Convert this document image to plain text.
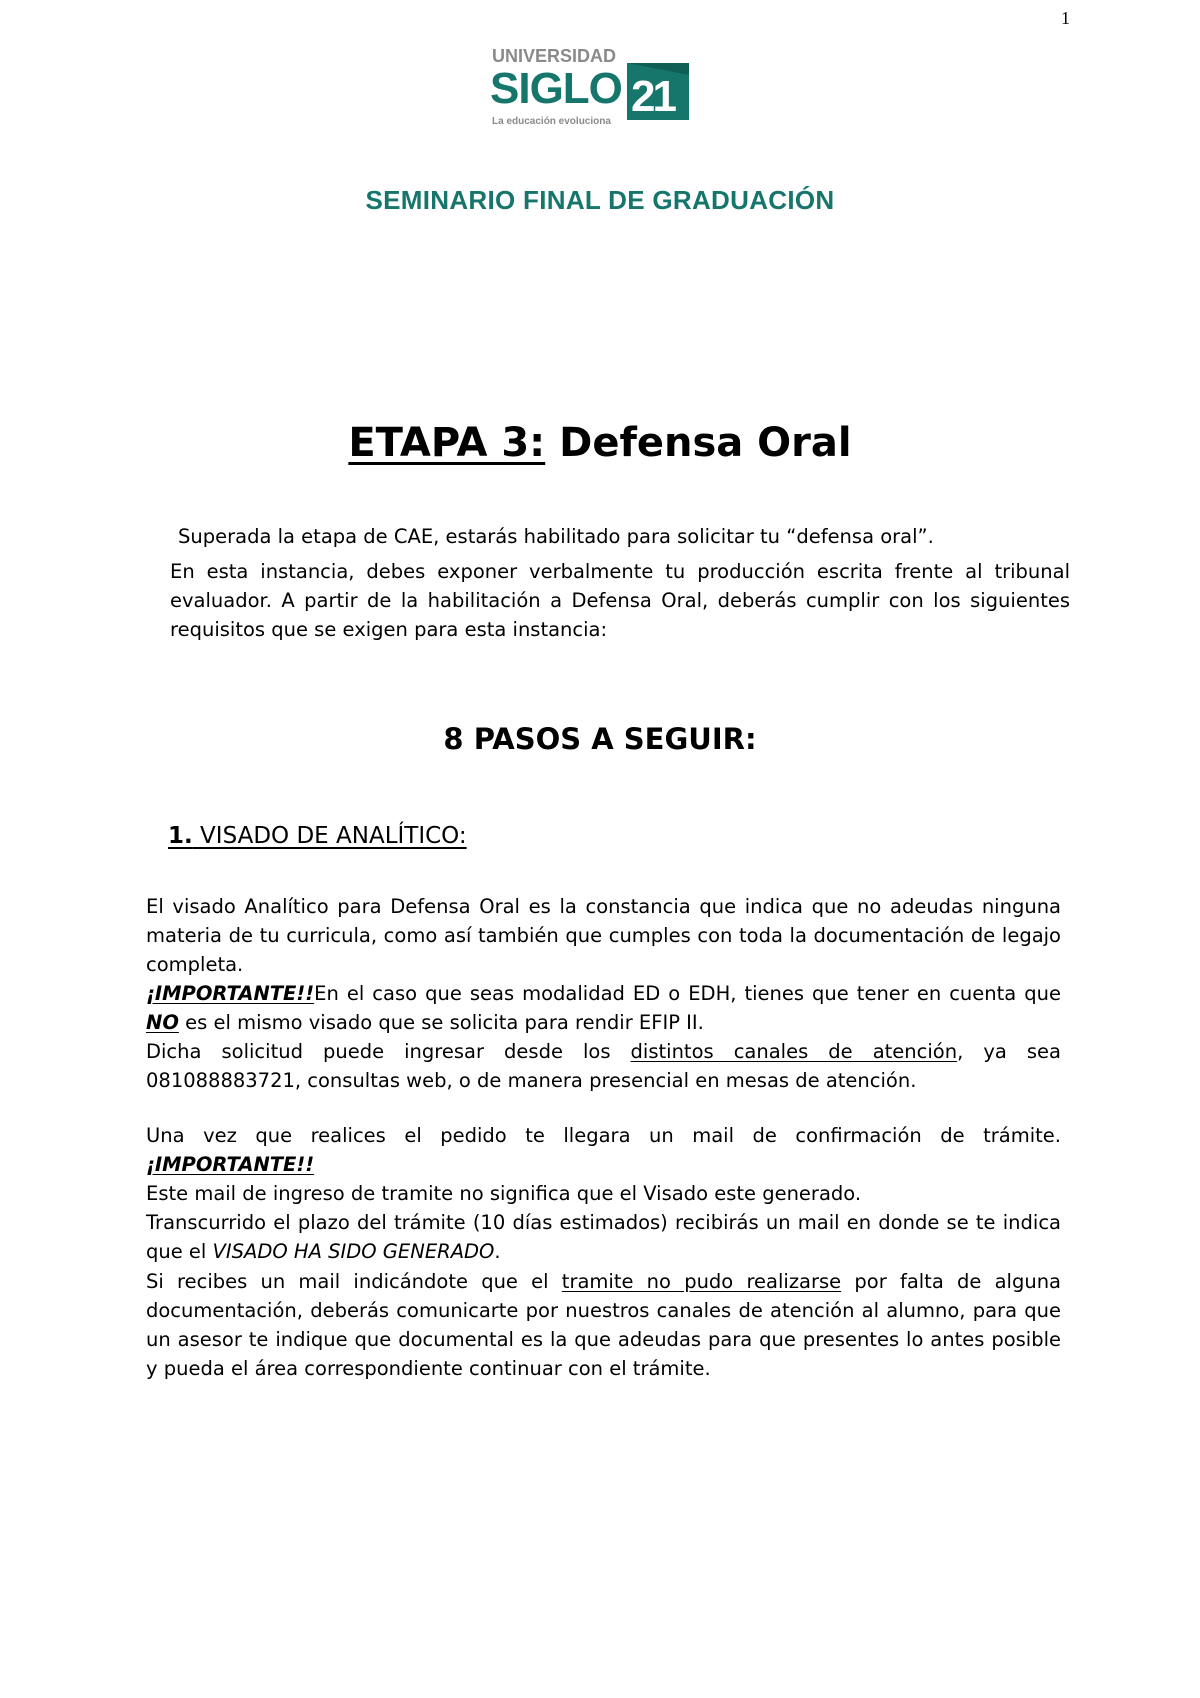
1
UNIVERSIDAD
SIGLO 21
La educación evoluciona
SEMINARIO FINAL DE GRADUACIÓN
ETAPA 3: Defensa Oral
Superada la etapa de CAE, estarás habilitado para solicitar tu “defensa oral”.
En esta instancia, debes exponer verbalmente tu producción escrita frente al tribunal evaluador. A partir de la habilitación a Defensa Oral, deberás cumplir con los siguientes requisitos que se exigen para esta instancia:
8 PASOS A SEGUIR:
1. VISADO DE ANALÍTICO:

El visado Analítico para Defensa Oral es la constancia que indica que no adeudas ninguna materia de tu curricula, como así también que cumples con toda la documentación de legajo completa.

¡IMPORTANTE!!En el caso que seas modalidad ED o EDH, tienes que tener en cuenta que NO es el mismo visado que se solicita para rendir EFIP II.

Dicha solicitud puede ingresar desde los distintos canales de atención, ya sea 081088883721, consultas web, o de manera presencial en mesas de atención.

Una vez que realices el pedido te llegara un mail de confirmación de trámite. ¡IMPORTANTE!!

Este mail de ingreso de tramite no significa que el Visado este generado.

Transcurrido el plazo del trámite (10 días estimados) recibirás un mail en donde se te indica que el VISADO HA SIDO GENERADO.

Si recibes un mail indicándote que el tramite no pudo realizarse por falta de alguna documentación, deberás comunicarte por nuestros canales de atención al alumno, para que un asesor te indique que documental es la que adeudas para que presentes lo antes posible y pueda el área correspondiente continuar con el trámite.
